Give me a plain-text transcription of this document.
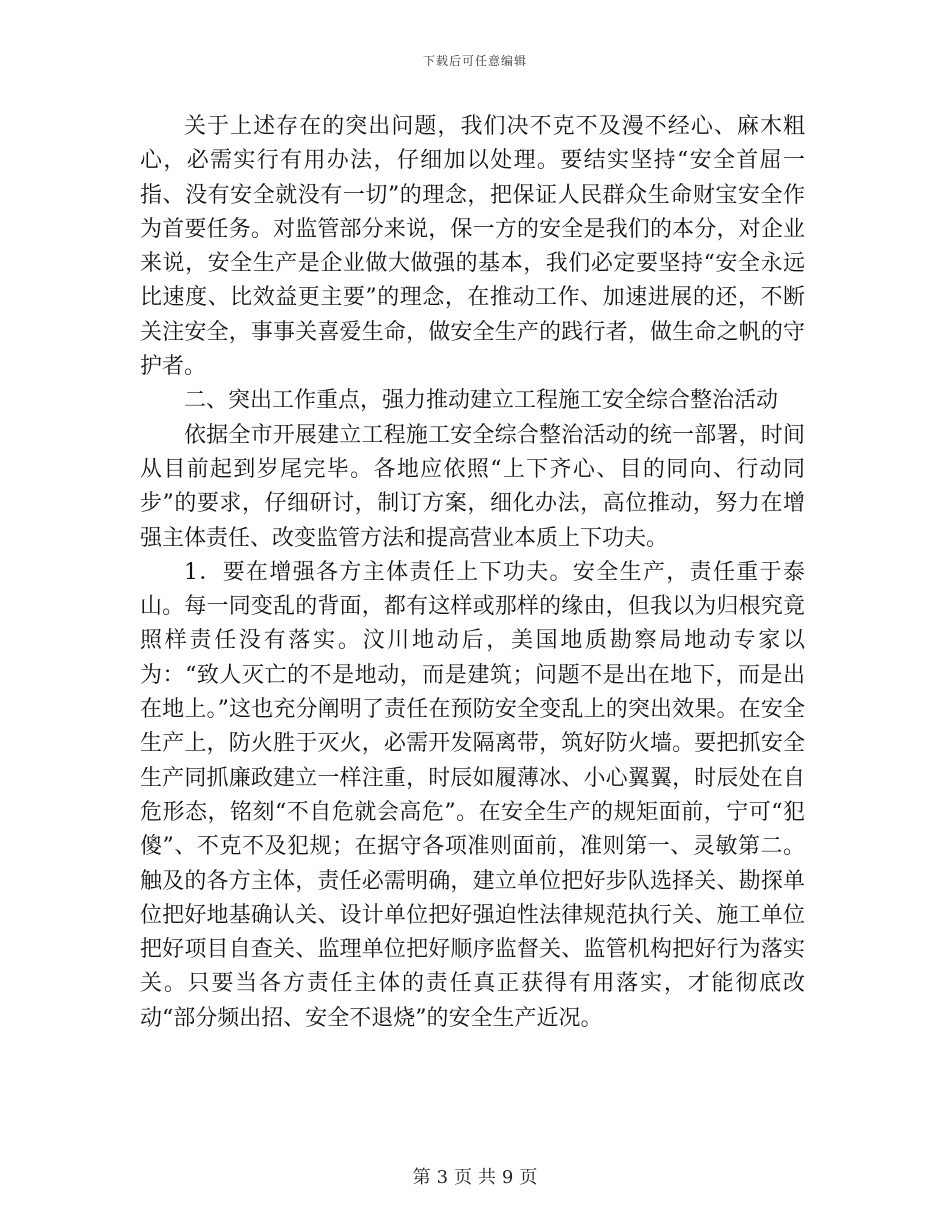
下载后可任意编辑

关于上述存在的突出问题，我们决不克不及漫不经心、麻木粗心，必需实行有用办法，仔细加以处理。要结实坚持“安全首屈一指、没有安全就没有一切”的理念，把保证人民群众生命财宝安全作为首要任务。对监管部分来说，保一方的安全是我们的本分，对企业来说，安全生产是企业做大做强的基本，我们必定要坚持“安全永远比速度、比效益更主要”的理念，在推动工作、加速进展的还，不断关注安全，事事关喜爱生命，做安全生产的践行者，做生命之帆的守护者。

二、突出工作重点，强力推动建立工程施工安全综合整治活动

依据全市开展建立工程施工安全综合整治活动的统一部署，时间从目前起到岁尾完毕。各地应依照“上下齐心、目的同向、行动同步”的要求，仔细研讨，制订方案，细化办法，高位推动，努力在增强主体责任、改变监管方法和提高营业本质上下功夫。

1．要在增强各方主体责任上下功夫。安全生产，责任重于泰山。每一同变乱的背面，都有这样或那样的缘由，但我以为归根究竟照样责任没有落实。汶川地动后，美国地质勘察局地动专家以为：“致人灭亡的不是地动，而是建筑；问题不是出在地下，而是出在地上。”这也充分阐明了责任在预防安全变乱上的突出效果。在安全生产上，防火胜于灭火，必需开发隔离带，筑好防火墙。要把抓安全生产同抓廉政建立一样注重，时辰如履薄冰、小心翼翼，时辰处在自危形态，铭刻“不自危就会高危”。在安全生产的规矩面前，宁可“犯傻”、不克不及犯规；在据守各项准则面前，准则第一、灵敏第二。触及的各方主体，责任必需明确，建立单位把好步队选择关、勘探单位把好地基确认关、设计单位把好强迫性法律规范执行关、施工单位把好项目自查关、监理单位把好顺序监督关、监管机构把好行为落实关。只要当各方责任主体的责任真正获得有用落实，才能彻底改动“部分频出招、安全不退烧”的安全生产近况。

第 3 页 共 9 页
